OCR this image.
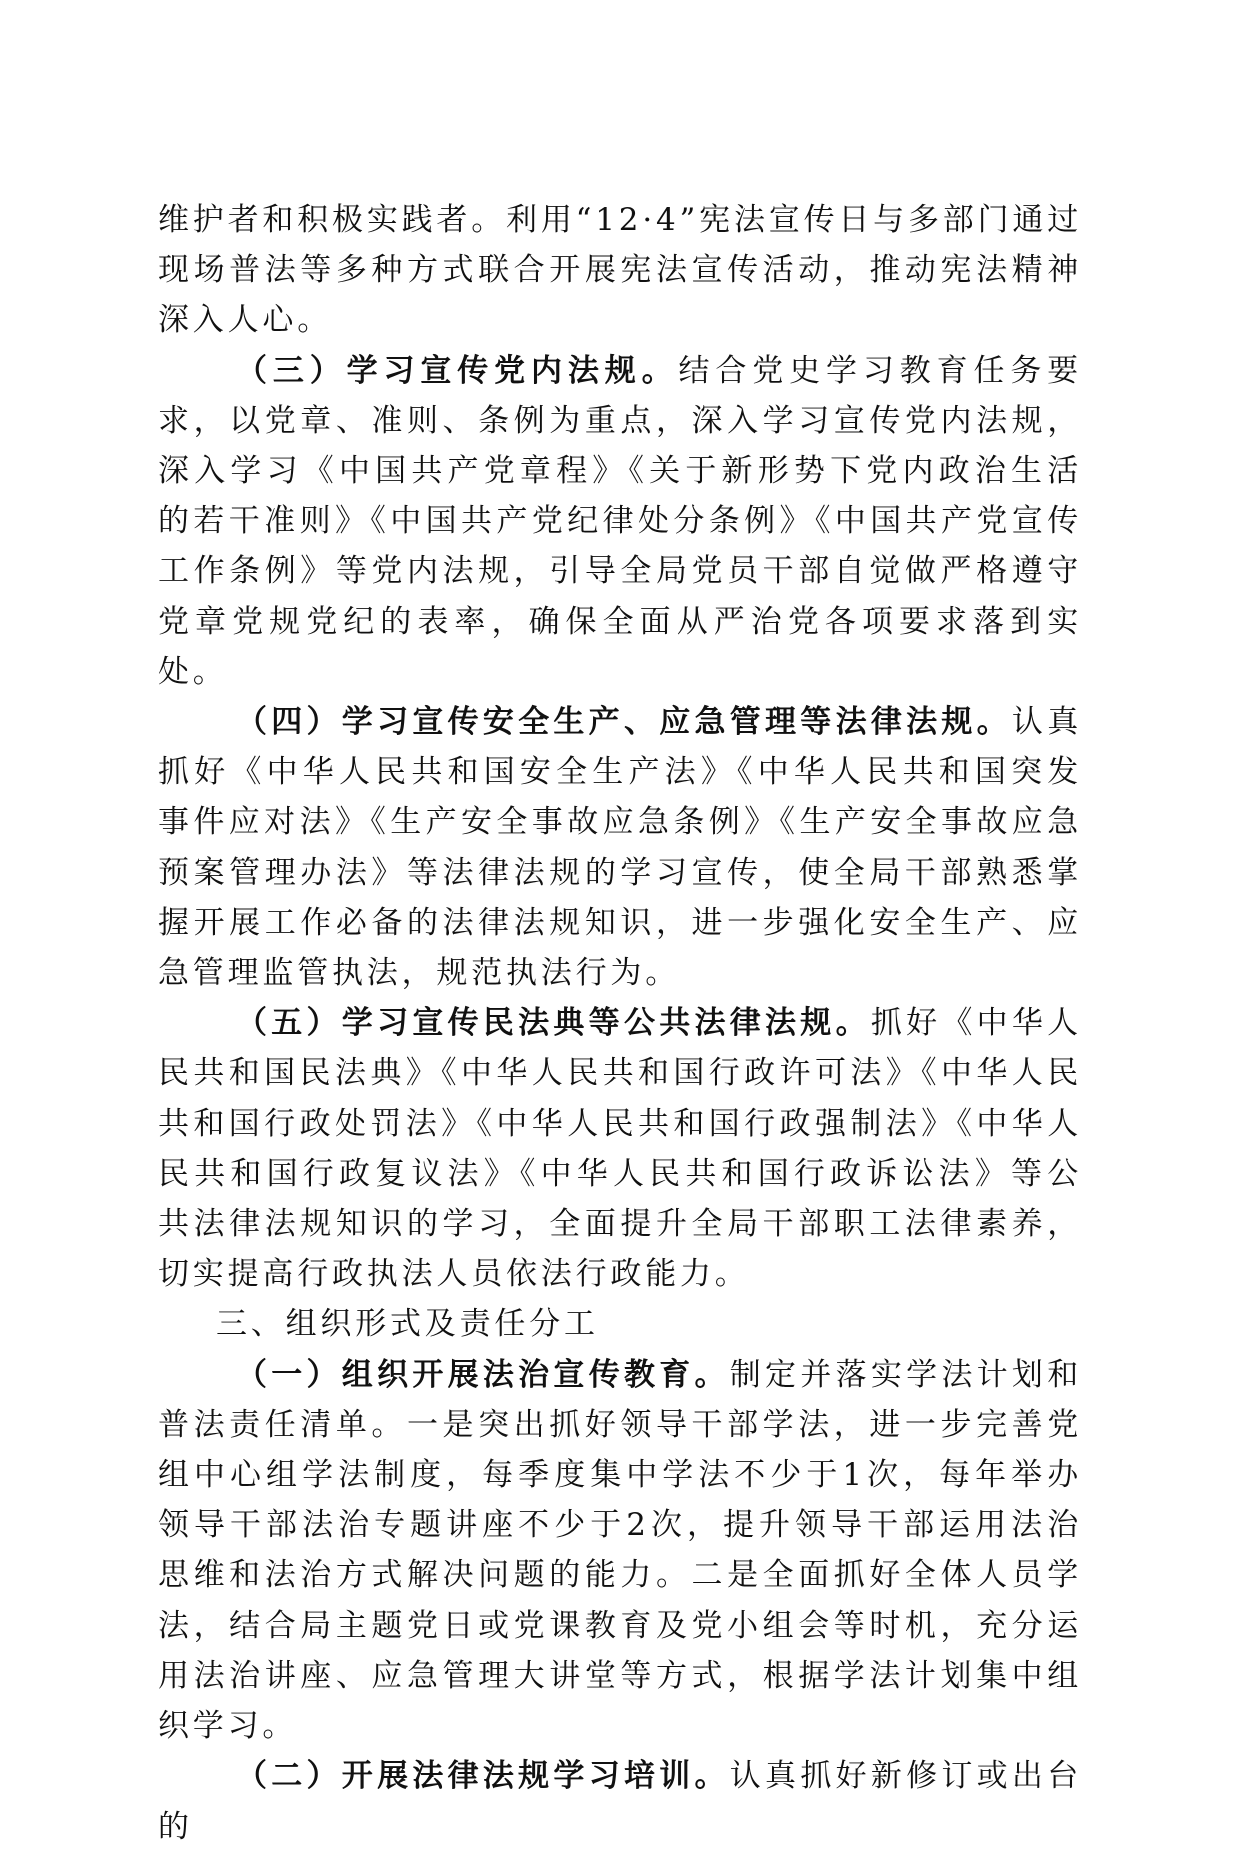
维护者和积极实践者。利用“12·4”宪法宣传日与多部门通过现场普法等多种方式联合开展宪法宣传活动，推动宪法精神深入人心。

（三）学习宣传党内法规。结合党史学习教育任务要求，以党章、准则、条例为重点，深入学习宣传党内法规，深入学习《中国共产党章程》《关于新形势下党内政治生活的若干准则》《中国共产党纪律处分条例》《中国共产党宣传工作条例》等党内法规，引导全局党员干部自觉做严格遵守党章党规党纪的表率，确保全面从严治党各项要求落到实处。

（四）学习宣传安全生产、应急管理等法律法规。认真抓好《中华人民共和国安全生产法》《中华人民共和国突发事件应对法》《生产安全事故应急条例》《生产安全事故应急预案管理办法》等法律法规的学习宣传，使全局干部熟悉掌握开展工作必备的法律法规知识，进一步强化安全生产、应急管理监管执法，规范执法行为。

（五）学习宣传民法典等公共法律法规。抓好《中华人民共和国民法典》《中华人民共和国行政许可法》《中华人民共和国行政处罚法》《中华人民共和国行政强制法》《中华人民共和国行政复议法》《中华人民共和国行政诉讼法》等公共法律法规知识的学习，全面提升全局干部职工法律素养，切实提高行政执法人员依法行政能力。

三、组织形式及责任分工

（一）组织开展法治宣传教育。制定并落实学法计划和普法责任清单。一是突出抓好领导干部学法，进一步完善党组中心组学法制度，每季度集中学法不少于1次，每年举办领导干部法治专题讲座不少于2次，提升领导干部运用法治思维和法治方式解决问题的能力。二是全面抓好全体人员学法，结合局主题党日或党课教育及党小组会等时机，充分运用法治讲座、应急管理大讲堂等方式，根据学法计划集中组织学习。

（二）开展法律法规学习培训。认真抓好新修订或出台的
